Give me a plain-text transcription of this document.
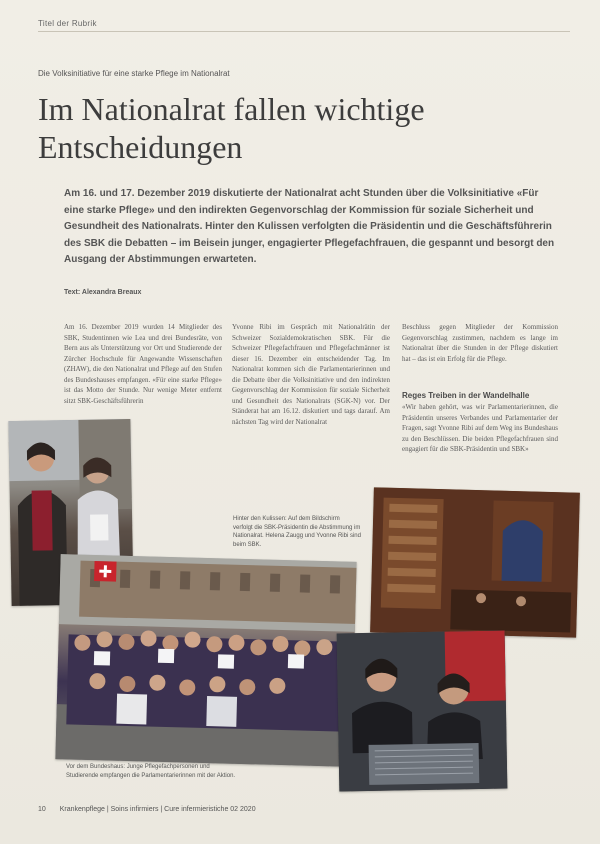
Titel der Rubrik
Die Volksinitiative für eine starke Pflege im Nationalrat
Im Nationalrat fallen wichtige Entscheidungen

Am 16. und 17. Dezember 2019 diskutierte der Nationalrat acht Stunden über die Volksinitiative «Für eine starke Pflege» und den indirekten Gegenvorschlag der Kommission für soziale Sicherheit und Gesundheit des Nationalrats. Hinter den Kulissen verfolgten die Präsidentin und die Geschäftsführerin des SBK die Debatten – im Beisein junger, engagierter Pflegefachfrauen, die gespannt und besorgt den Ausgang der Abstimmungen erwarteten.

Text: Alexandra Breaux

Am 16. Dezember 2019 wurden 14 Mitglieder des SBK, Studentinnen wie Lea und drei Bundesräte, von Bern aus als Unterstützung vor Ort und Studierende der Zürcher Hochschule für Angewandte Wissenschaften (ZHAW), die den Nationalrat und Pflege auf den Stufen des Bundeshauses empfangen. «Für eine starke Pflege» ist das Motto der Stunde. Nur wenige Meter entfernt sitzt SBK-Geschäftsführerin

Yvonne Ribi im Gespräch mit Nationalrätin der Schweizer Sozialdemokratischen SBK. Für die Schweizer Pflegefachfrauen und Pflegefachmänner ist dieser 16. Dezember ein entscheidender Tag. Im Nationalrat kommen sich die Parlamentarierinnen und die Debatte über die Volksinitiative und den indirekten Gegenvorschlag der Kommission für soziale Sicherheit und Gesundheit des Nationalrats (SGK-N) vor. Der Ständerat hat am 16.12. diskutiert und tags darauf. Am nächsten Tag wird der Nationalrat

Beschluss gegen Mitglieder der Kommission Gegenvorschlag zustimmen, nachdem es lange im Nationalrat über die Stunden in der Pflege diskutiert hat – das ist ein Erfolg für die Pflege.

Reges Treiben in der Wandelhalle

«Wir haben gehört, was wir Parlamentarierinnen, die Präsidentin unseres Verbandes und Parlamentarier der Fragen, sagt Yvonne Ribi auf dem Weg ins Bundeshaus zu den Beschlüssen. Die beiden Pflegefachfrauen sind engagiert für die SBK-Präsidentin und SBK»

Hinter den Kulissen: Auf dem Bildschirm verfolgt die SBK-Präsidentin die Abstimmung im Nationalrat. Helena Zaugg und Yvonne Ribi sind beim SBK.

Vor dem Bundeshaus: Junge Pflegefachpersonen und Studierende empfangen die Parlamentarierinnen mit der Aktion.

10 Krankenpflege | Soins infirmiers | Cure infermieristiche 02 2020
